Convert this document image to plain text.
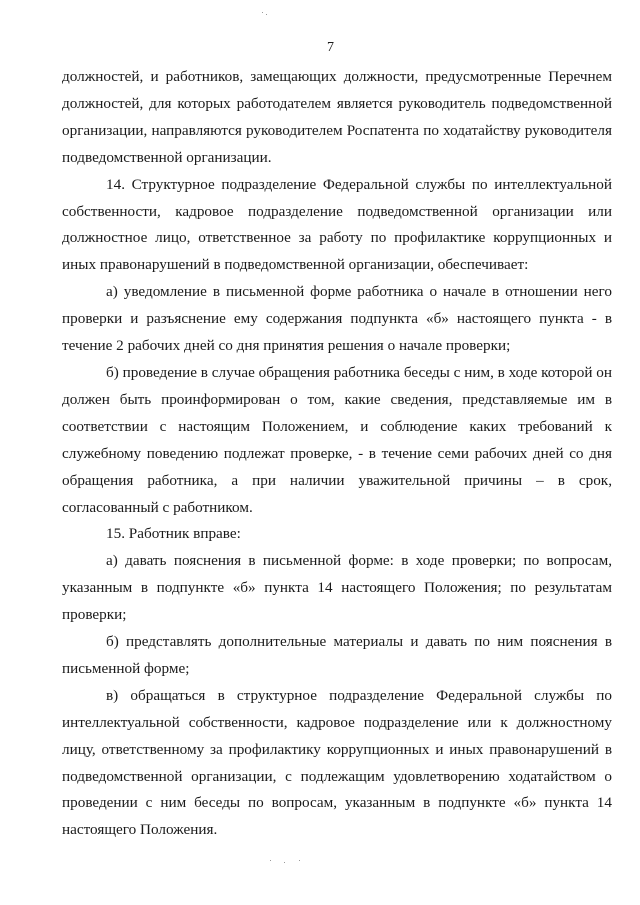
7

должностей, и работников, замещающих должности, предусмотренные Перечнем должностей, для которых работодателем является руководитель подведомственной организации, направляются руководителем Роспатента по ходатайству руководителя подведомственной организации.

14. Структурное подразделение Федеральной службы по интеллектуальной собственности, кадровое подразделение подведомственной организации или должностное лицо, ответственное за работу по профилактике коррупционных и иных правонарушений в подведомственной организации, обеспечивает:

а) уведомление в письменной форме работника о начале в отношении него проверки и разъяснение ему содержания подпункта «б» настоящего пункта - в течение 2 рабочих дней со дня принятия решения о начале проверки;

б) проведение в случае обращения работника беседы с ним, в ходе которой он должен быть проинформирован о том, какие сведения, представляемые им в соответствии с настоящим Положением, и соблюдение каких требований к служебному поведению подлежат проверке, - в течение семи рабочих дней со дня обращения работника, а при наличии уважительной причины – в срок, согласованный с работником.

15. Работник вправе:

а) давать пояснения в письменной форме: в ходе проверки; по вопросам, указанным в подпункте «б» пункта 14 настоящего Положения; по результатам проверки;

б) представлять дополнительные материалы и давать по ним пояснения в письменной форме;

в) обращаться в структурное подразделение Федеральной службы по интеллектуальной собственности, кадровое подразделение или к должностному лицу, ответственному за профилактику коррупционных и иных правонарушений в подведомственной организации, с подлежащим удовлетворению ходатайством о проведении с ним беседы по вопросам, указанным в подпункте «б» пункта 14 настоящего Положения.
